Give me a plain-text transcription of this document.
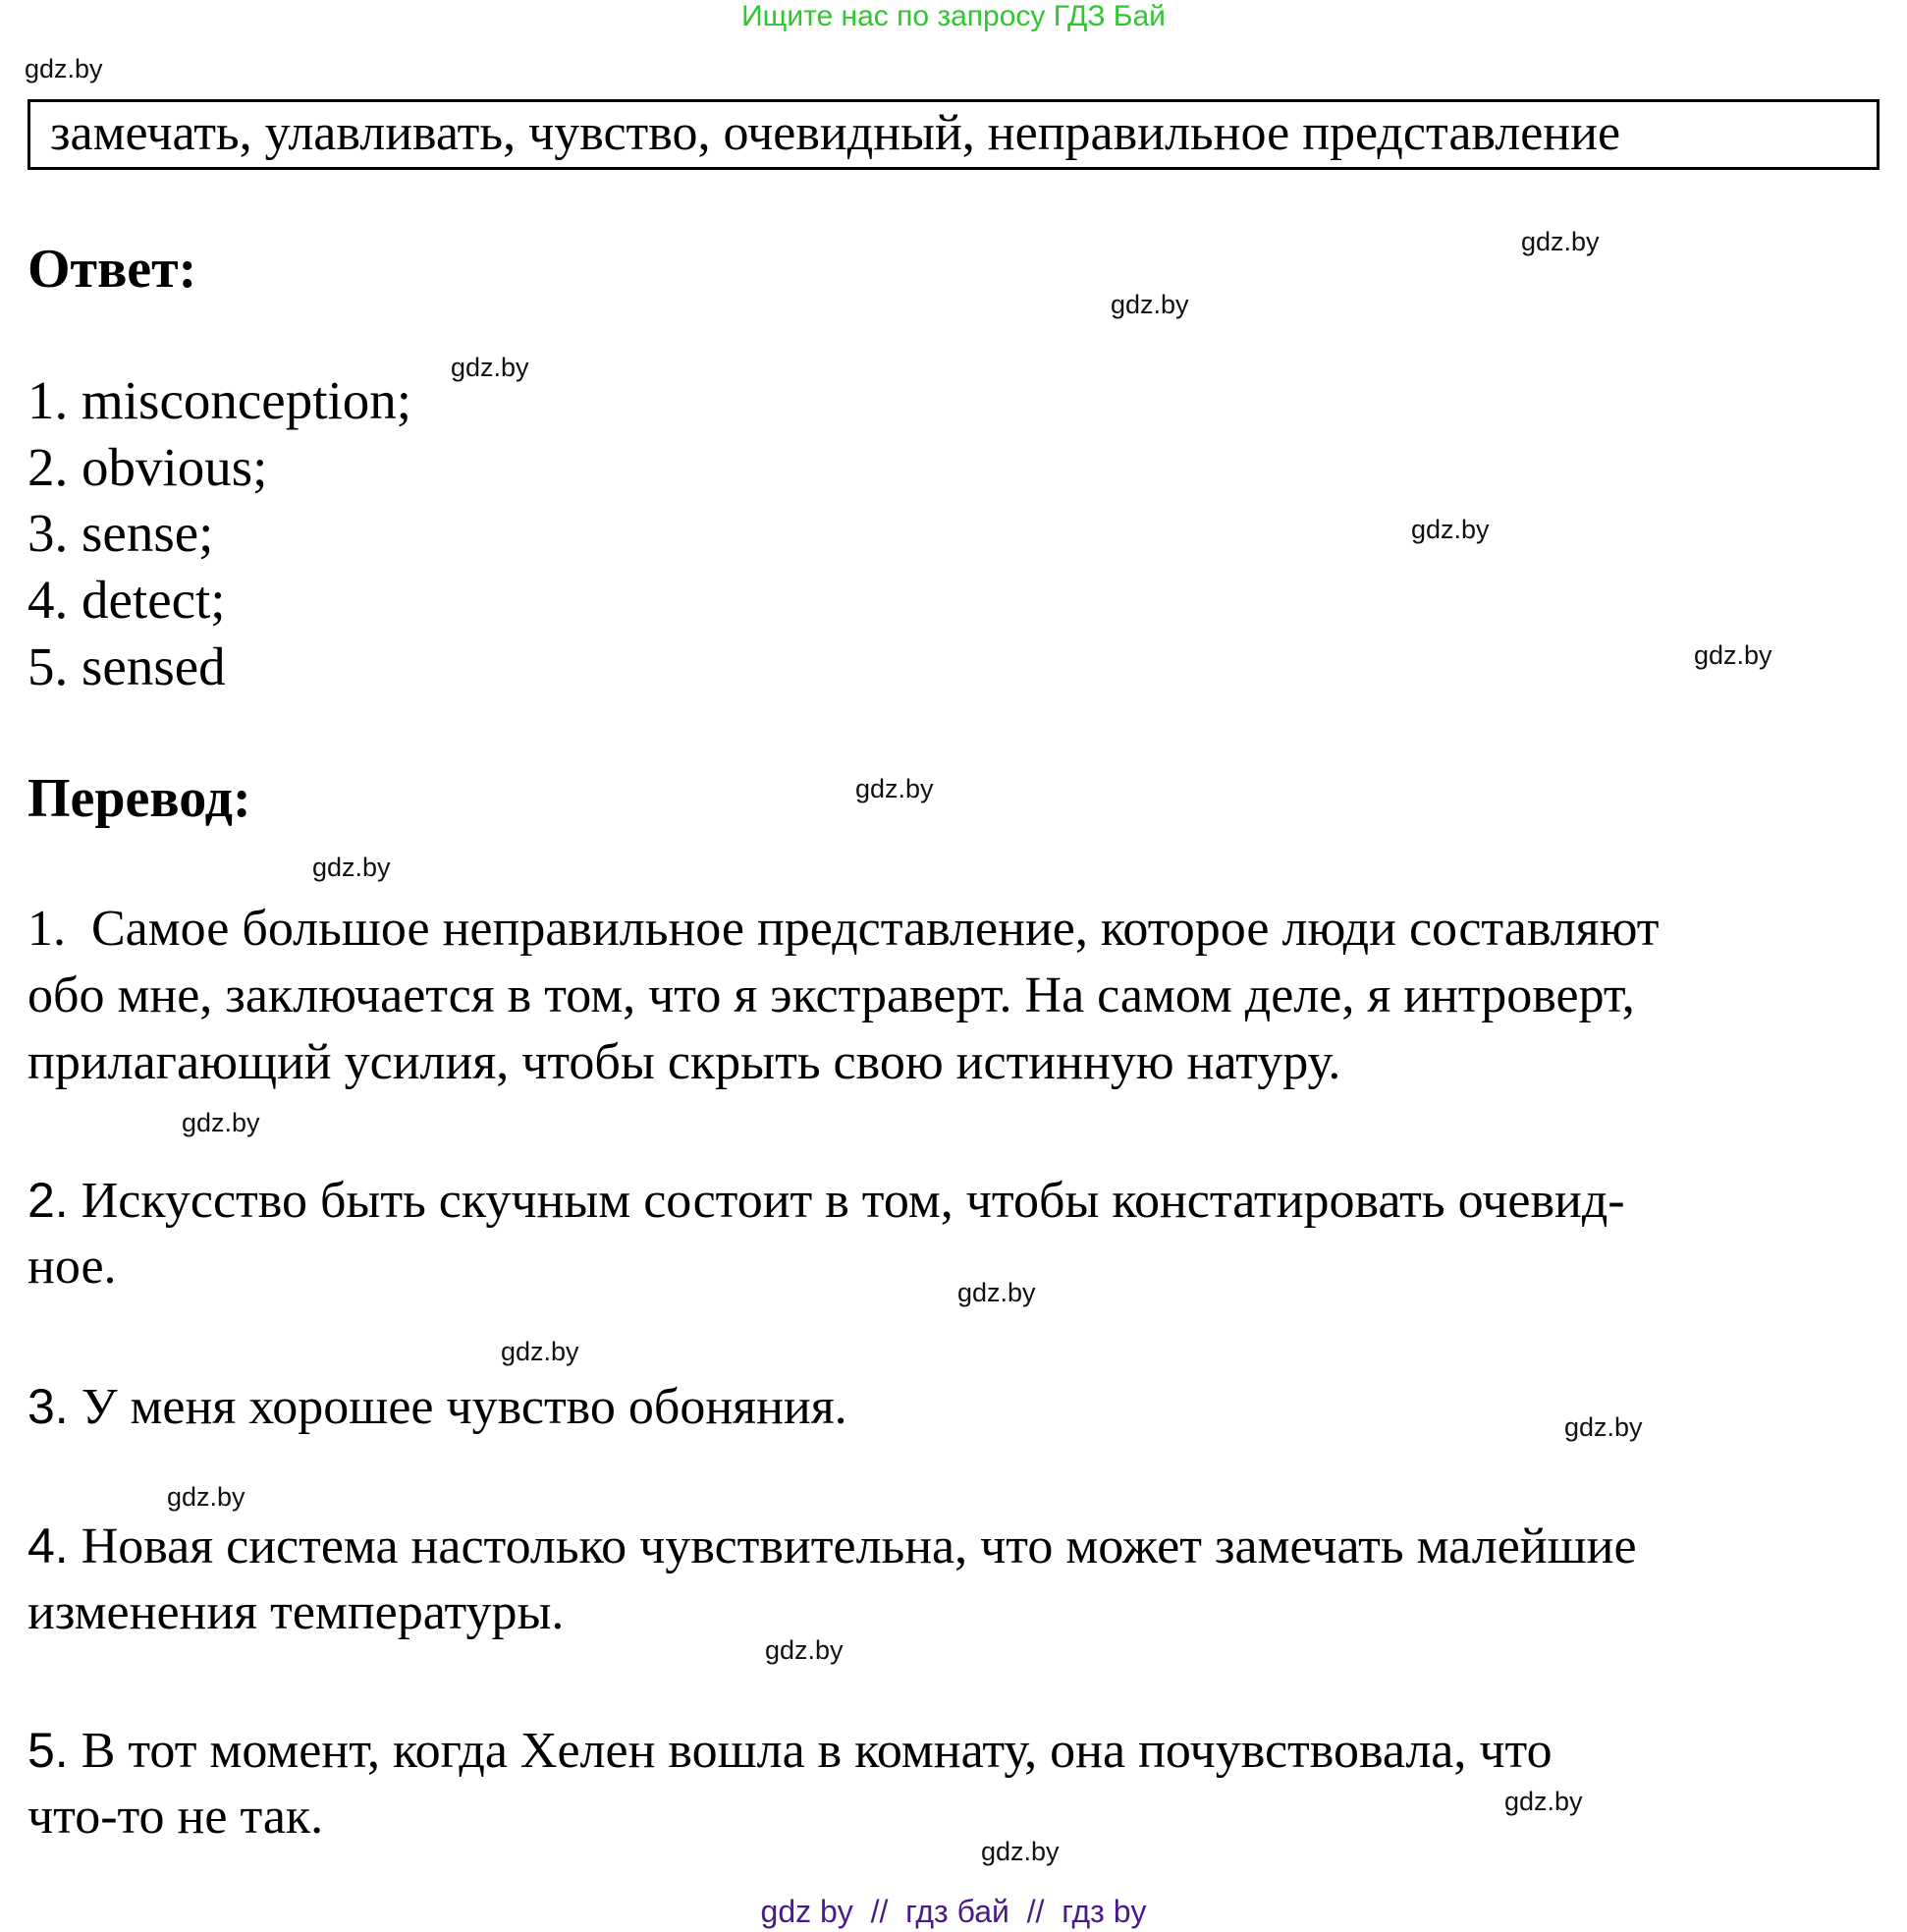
Ищите нас по запросу ГДЗ Бай
gdz.by
gdz.by
gdz.by
gdz.by
gdz.by
gdz.by
gdz.by
gdz.by
gdz.by
gdz.by
gdz.by
gdz.by
gdz.by
gdz.by
gdz.by
gdz.by
замечать, улавливать, чувство, очевидный, неправильное представление
Ответ:
1. misconception;
2. obvious;
3. sense;
4. detect;
5. sensed
Перевод:
1.  Самое большое неправильное представление, которое люди составляют
обо мне, заключается в том, что я экстраверт. На самом деле, я интроверт,
прилагающий усилия, чтобы скрыть свою истинную натуру.
2. Искусство быть скучным состоит в том, чтобы констатировать очевид-
ное.
3. У меня хорошее чувство обоняния.
4. Новая система настолько чувствительна, что может замечать малейшие
изменения температуры.
5. В тот момент, когда Хелен вошла в комнату, она почувствовала, что
что-то не так.
gdz by  //  гдз бай  //  гдз by
